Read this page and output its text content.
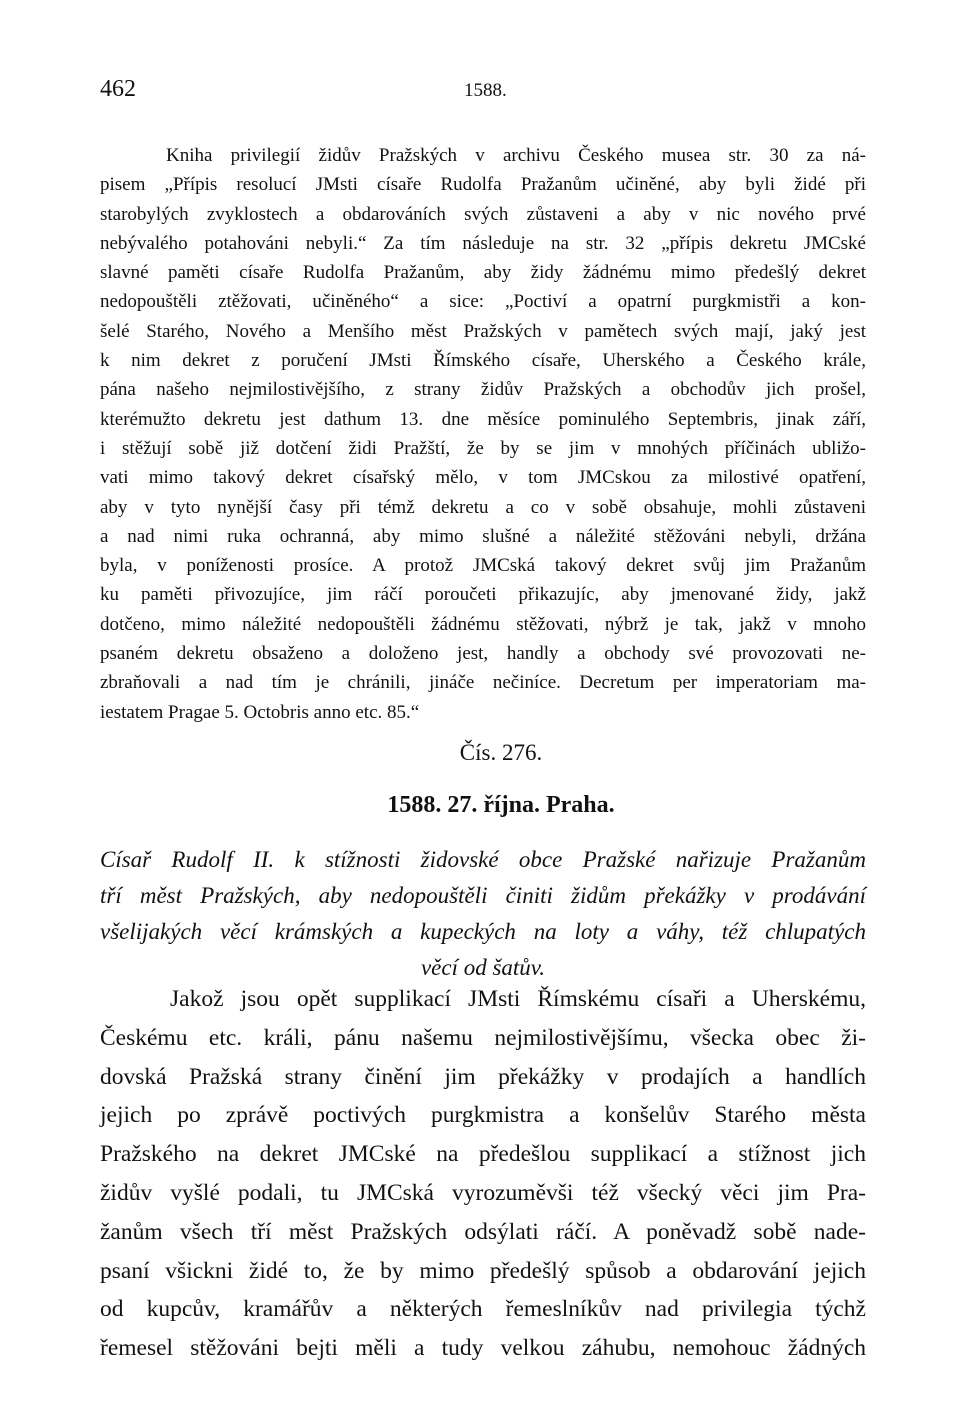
462	1588.
Kniha privilegií židův Pražských v archivu Českého musea str. 30 za ná-
pisem „Přípis resolucí JMsti císaře Rudolfa Pražanům učiněné, aby byli židé při
starobylých zvyklostech a obdarováních svých zůstaveni a aby v nic nového prvé
nebývalého potahováni nebyli.“ Za tím následuje na str. 32 „přípis dekretu JMCské
slavné paměti císaře Rudolfa Pražanům, aby židy žádnému mimo předešlý dekret
nedopouštěli ztěžovati, učiněného“ a sice: „Poctiví a opatrní purgkmistři a kon-
šelé Starého, Nového a Menšího měst Pražských v pamětech svých mají, jaký jest
k nim dekret z poručení JMsti Římského císaře, Uherského a Českého krále,
pána našeho nejmilostivějšího, z strany židův Pražských a obchodův jich prošel,
kterémužto dekretu jest dathum 13. dne měsíce pominulého Septembris, jinak září,
i stěžují sobě již dotčení židi Pražští, že by se jim v mnohých příčinách ubližo-
vati mimo takový dekret císařský mělo, v tom JMCskou za milostivé opatření,
aby v tyto nynější časy při témž dekretu a co v sobě obsahuje, mohli zůstaveni
a nad nimi ruka ochranná, aby mimo slušné a náležité stěžováni nebyli, držána
byla, v poníženosti prosíce. A protož JMCská takový dekret svůj jim Pražanům
ku paměti přivozujíce, jim ráčí poroučeti přikazujíc, aby jmenované židy, jakž
dotčeno, mimo náležité nedopouštěli žádnému stěžovati, nýbrž je tak, jakž v mnoho
psaném dekretu obsaženo a doloženo jest, handly a obchody své provozovati ne-
zbraňovali a nad tím je chránili, jináče nečiníce. Decretum per imperatoriam ma-
iestatem Pragae 5. Octobris anno etc. 85.“
Čís. 276.
1588. 27. října. Praha.
Císař Rudolf II. k stížnosti židovské obce Pražské nařizuje Pražanům
tří měst Pražských, aby nedopouštěli činiti židům překážky v prodávání
všelijakých věcí krámských a kupeckých na loty a váhy, též chlupatých
věcí od šatův.
Jakož jsou opět supplikací JMsti Římskému císaři a Uherskému,
Českému etc. králi, pánu našemu nejmilostivějšímu, všecka obec ži-
dovská Pražská strany činění jim překážky v prodajích a handlích
jejich po zprávě poctivých purgkmistra a konšelův Starého města
Pražského na dekret JMCské na předešlou supplikací a stížnost jich
židův vyšlé podali, tu JMCská vyrozuměvši též všecký věci jim Pra-
žanům všech tří měst Pražských odsýlati ráčí. A poněvadž sobě nade-
psaní všickni židé to, že by mimo předešlý spůsob a obdarování jejich
od kupcův, kramářův a některých řemeslníkův nad privilegia týchž
řemesel stěžováni bejti měli a tudy velkou záhubu, nemohouc žádných
